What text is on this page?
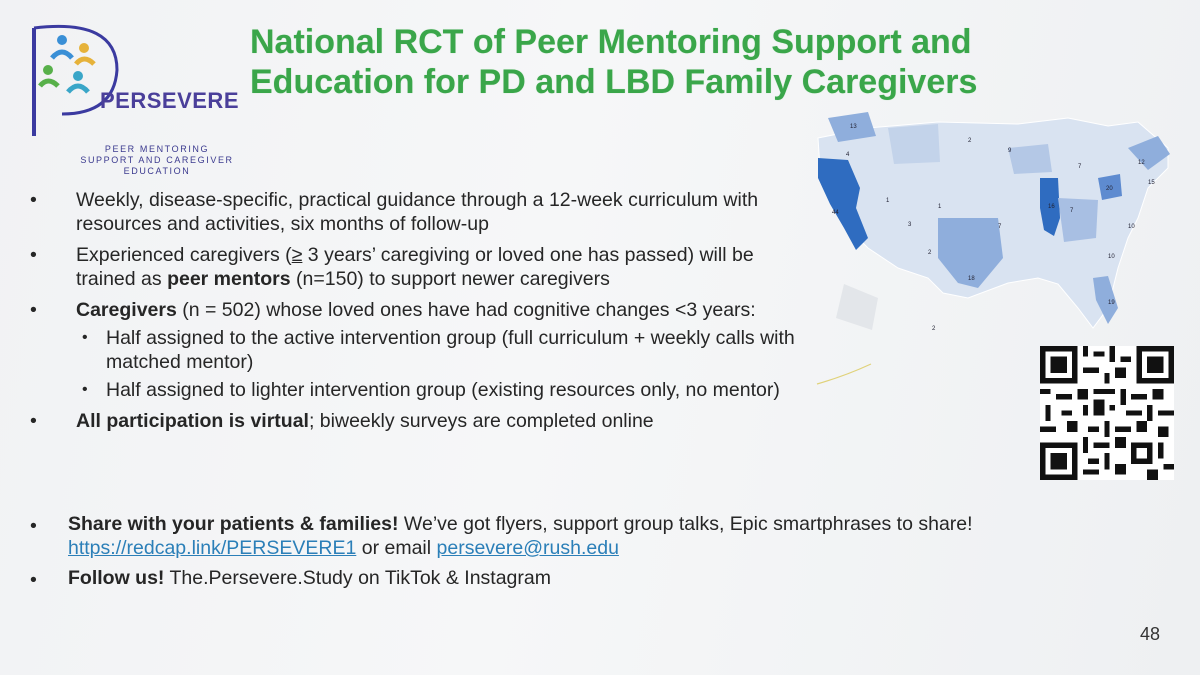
PERSEVERE
PEER MENTORING
SUPPORT AND CAREGIVER
EDUCATION
National RCT of Peer Mentoring Support and
Education for PD and LBD Family Caregivers
13
4
2
9
7
12
1
15
44
1	16
7
20
10
7
3
2
18
10
19
2
• Weekly, disease-specific, practical guidance through a 12-week curriculum with resources and activities, six months of follow-up
• Experienced caregivers (≥ 3 years’ caregiving or loved one has passed) will be trained as peer mentors (n=150) to support newer caregivers
• Caregivers (n = 502) whose loved ones have had cognitive changes <3 years:
• Half assigned to the active intervention group (full curriculum + weekly calls with matched mentor)
• Half assigned to lighter intervention group (existing resources only, no mentor)
• All participation is virtual; biweekly surveys are completed online
• Share with your patients & families! We’ve got flyers, support group talks, Epic smartphrases to share! https://redcap.link/PERSEVERE1 or email persevere@rush.edu
• Follow us! The.Persevere.Study on TikTok & Instagram
48
